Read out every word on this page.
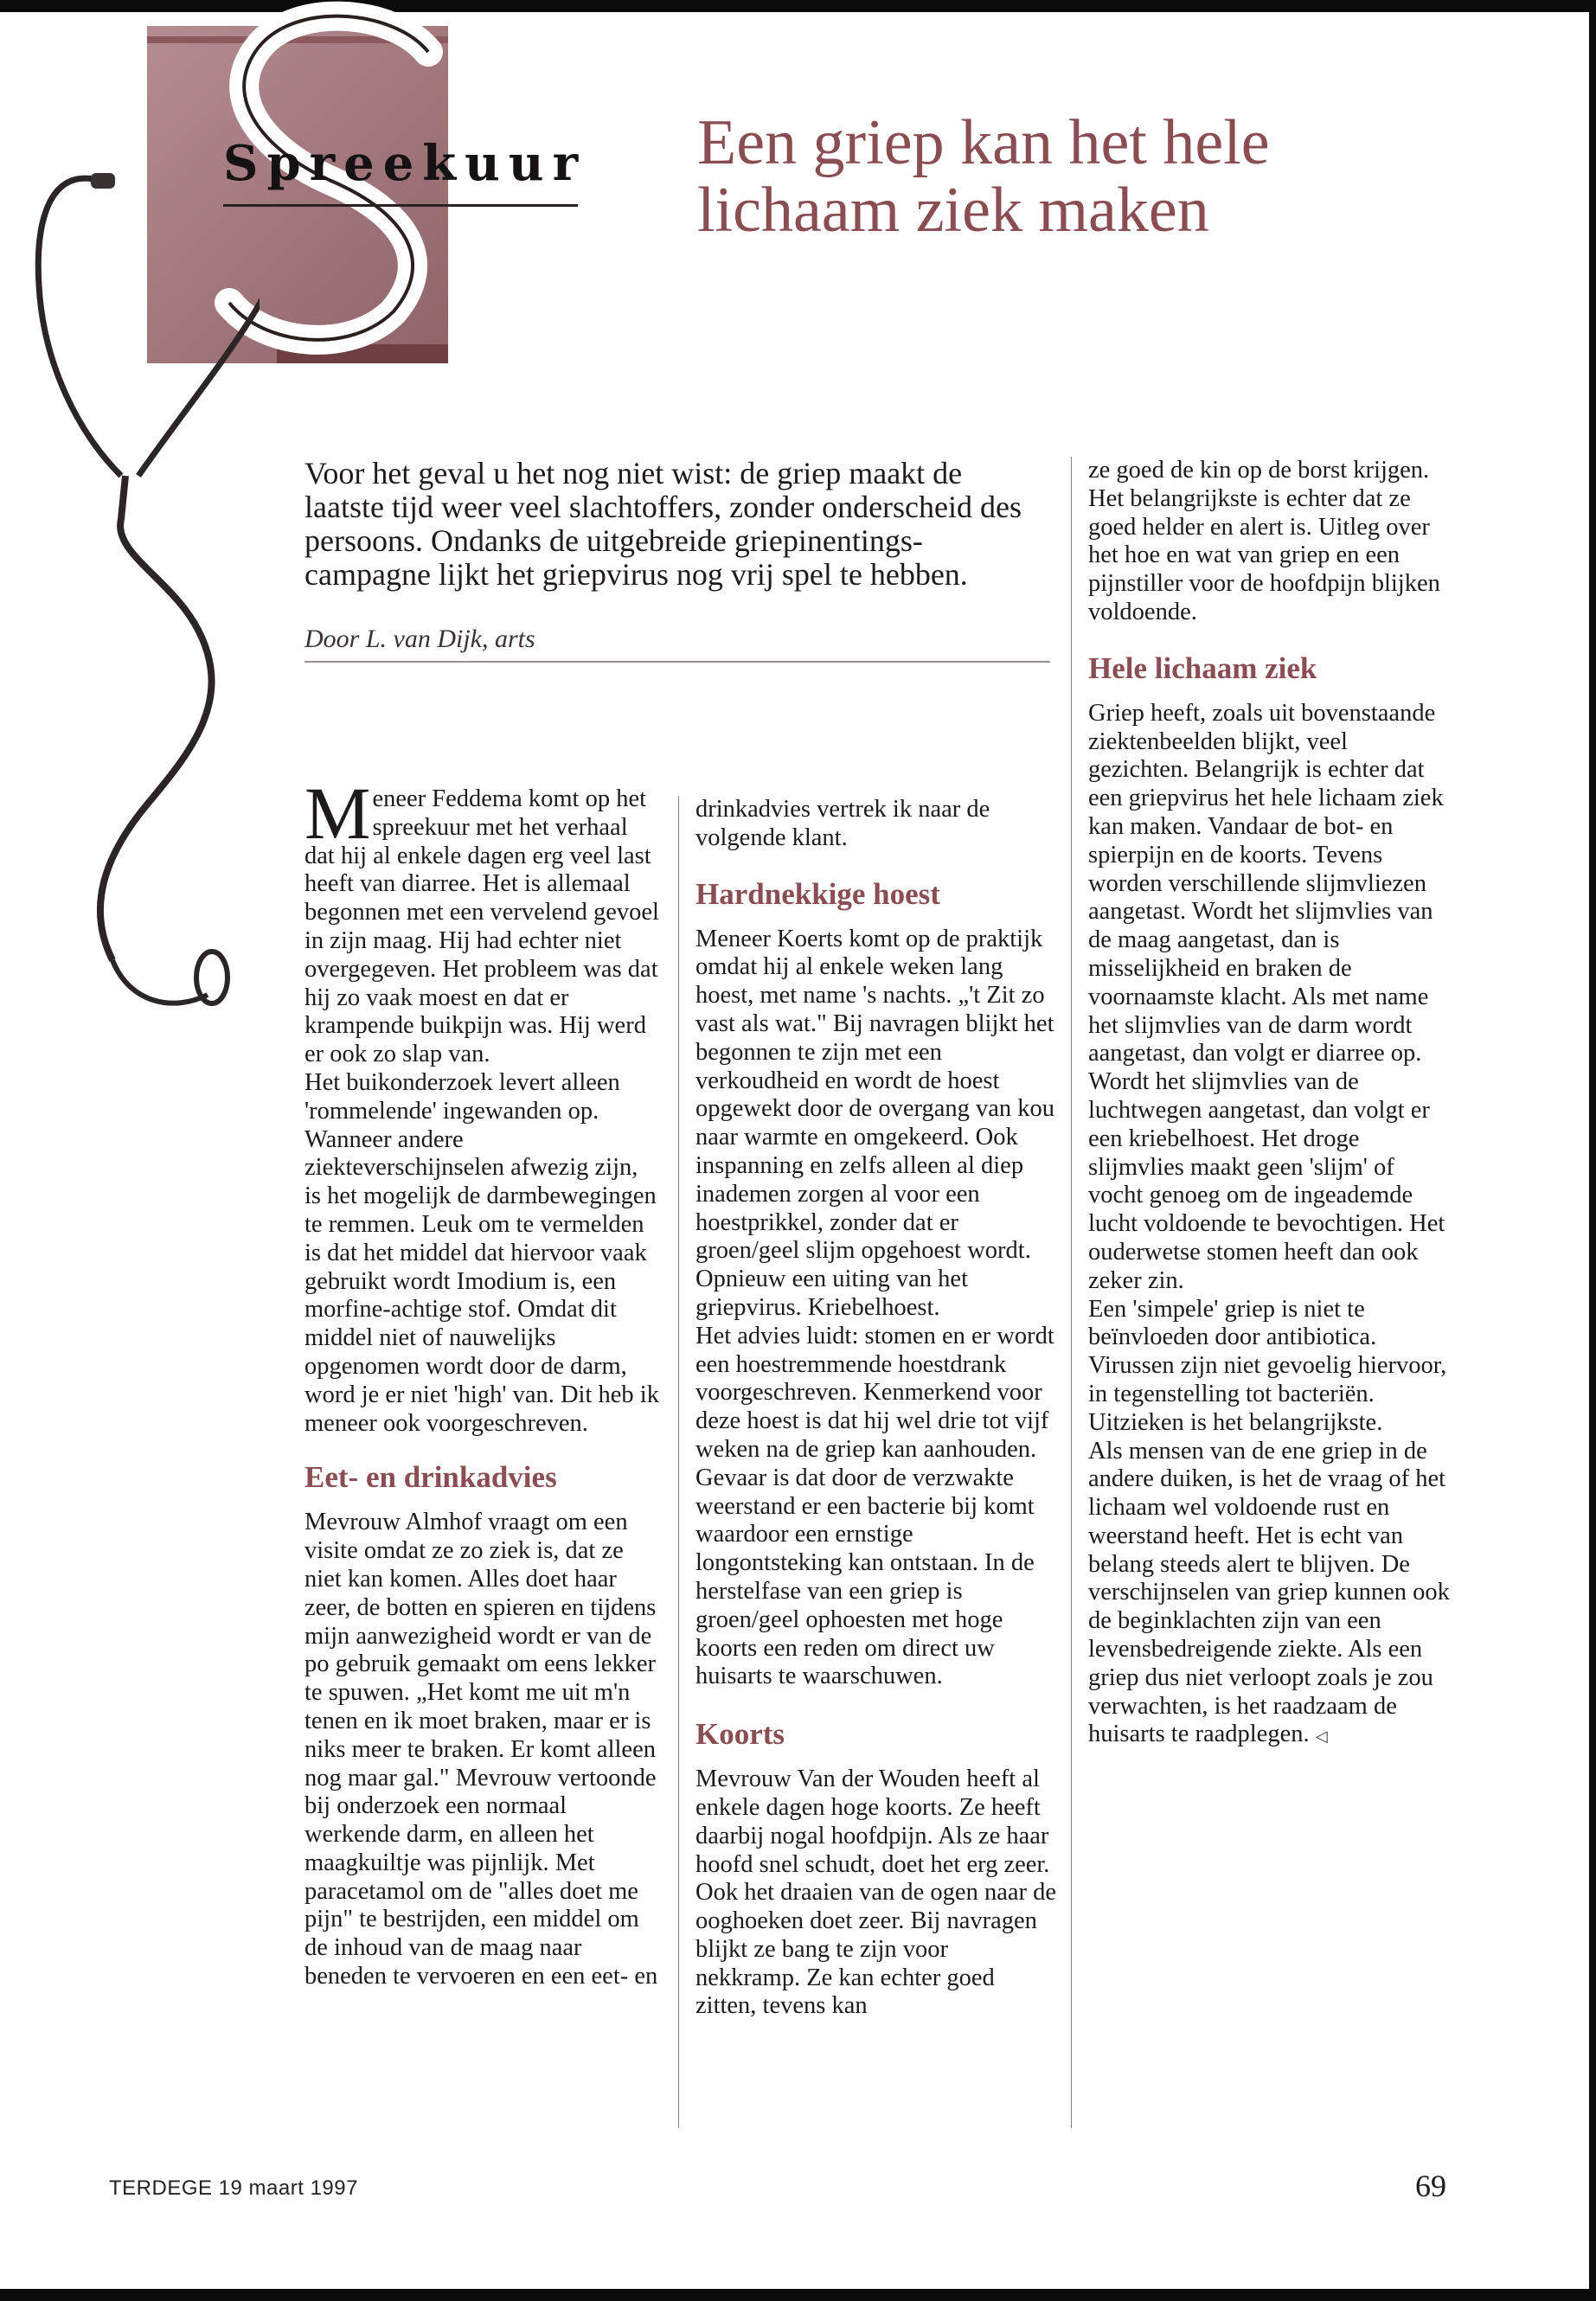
Spreekuur Een griep kan het hele lichaam ziek maken

Voor het geval u het nog niet wist: de griep maakt de laatste tijd weer veel slachtoffers, zonder onderscheid des persoons. Ondanks de uitgebreide griepinentings-campagne lijkt het griepvirus nog vrij spel te hebben.

Door L. van Dijk, arts

Meneer Feddema komt op het spreekuur met het verhaal dat hij al enkele dagen erg veel last heeft van diarree. Het is allemaal begonnen met een vervelend gevoel in zijn maag. Hij had echter niet overgegeven. Het probleem was dat hij zo vaak moest en dat er krampende buikpijn was. Hij werd er ook zo slap van.

Het buikonderzoek levert alleen 'rommelende' ingewanden op. Wanneer andere ziekteverschijnselen afwezig zijn, is het mogelijk de darmbewegingen te remmen. Leuk om te vermelden is dat het middel dat hiervoor vaak gebruikt wordt Imodium is, een morfine-achtige stof. Omdat dit middel niet of nauwelijks opgenomen wordt door de darm, word je er niet 'high' van. Dit heb ik meneer ook voorgeschreven.

Eet- en drinkadvies

Mevrouw Almhof vraagt om een visite omdat ze zo ziek is, dat ze niet kan komen. Alles doet haar zeer, de botten en spieren en tijdens mijn aanwezigheid wordt er van de po gebruik gemaakt om eens lekker te spuwen. „Het komt me uit m'n tenen en ik moet braken, maar er is niks meer te braken. Er komt alleen nog maar gal." Mevrouw vertoonde bij onderzoek een normaal werkende darm, en alleen het maagkuiltje was pijnlijk. Met paracetamol om de "alles doet me pijn" te bestrijden, een middel om de inhoud van de maag naar beneden te vervoeren en een eet- en

drinkadvies vertrek ik naar de volgende klant.

Hardnekkige hoest

Meneer Koerts komt op de praktijk omdat hij al enkele weken lang hoest, met name 's nachts. „'t Zit zo vast als wat." Bij navragen blijkt het begonnen te zijn met een verkoudheid en wordt de hoest opgewekt door de overgang van kou naar warmte en omgekeerd. Ook inspanning en zelfs alleen al diep inademen zorgen al voor een hoestprikkel, zonder dat er groen/geel slijm opgehoest wordt. Opnieuw een uiting van het griepvirus. Kriebelhoest.

Het advies luidt: stomen en er wordt een hoestremmende hoestdrank voorgeschreven. Kenmerkend voor deze hoest is dat hij wel drie tot vijf weken na de griep kan aanhouden. Gevaar is dat door de verzwakte weerstand er een bacterie bij komt waardoor een ernstige longontsteking kan ontstaan. In de herstelfase van een griep is groen/geel ophoesten met hoge koorts een reden om direct uw huisarts te waarschuwen.

Koorts

Mevrouw Van der Wouden heeft al enkele dagen hoge koorts. Ze heeft daarbij nogal hoofdpijn. Als ze haar hoofd snel schudt, doet het erg zeer. Ook het draaien van de ogen naar de ooghoeken doet zeer. Bij navragen blijkt ze bang te zijn voor nekkramp. Ze kan echter goed zitten, tevens kan

ze goed de kin op de borst krijgen. Het belangrijkste is echter dat ze goed helder en alert is. Uitleg over het hoe en wat van griep en een pijnstiller voor de hoofdpijn blijken voldoende.

Hele lichaam ziek

Griep heeft, zoals uit bovenstaande ziektenbeelden blijkt, veel gezichten. Belangrijk is echter dat een griepvirus het hele lichaam ziek kan maken. Vandaar de bot- en spierpijn en de koorts. Tevens worden verschillende slijmvliezen aangetast. Wordt het slijmvlies van de maag aangetast, dan is misselijkheid en braken de voornaamste klacht. Als met name het slijmvlies van de darm wordt aangetast, dan volgt er diarree op. Wordt het slijmvlies van de luchtwegen aangetast, dan volgt er een kriebelhoest. Het droge slijmvlies maakt geen 'slijm' of vocht genoeg om de ingeademde lucht voldoende te bevochtigen. Het ouderwetse stomen heeft dan ook zeker zin.

Een 'simpele' griep is niet te beïnvloeden door antibiotica. Virussen zijn niet gevoelig hiervoor, in tegenstelling tot bacteriën. Uitzieken is het belangrijkste.

Als mensen van de ene griep in de andere duiken, is het de vraag of het lichaam wel voldoende rust en weerstand heeft. Het is echt van belang steeds alert te blijven. De verschijnselen van griep kunnen ook de beginklachten zijn van een levensbedreigende ziekte. Als een griep dus niet verloopt zoals je zou verwachten, is het raadzaam de huisarts te raadplegen. ◁

TERDEGE 19 maart 1997	69
